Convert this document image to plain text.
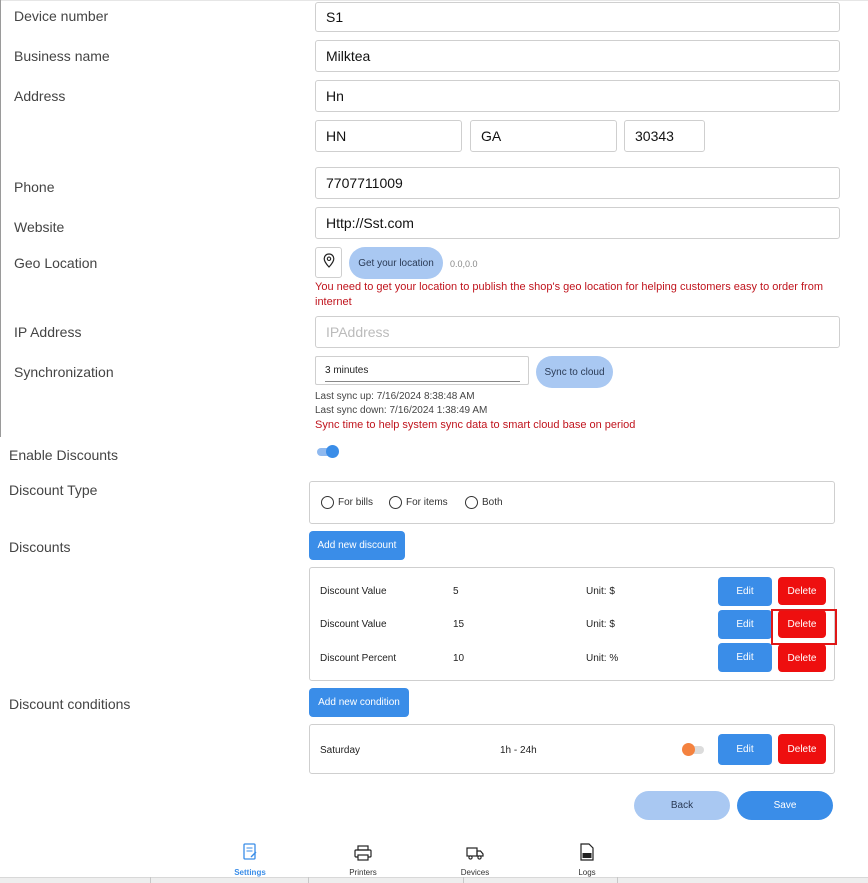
Device number	S1
Business name	Milktea
Address	Hn
HN	GA	30343
Phone	7707711009
Website	Http://Sst.com
Geo Location	Get your location	0.0,0.0
You need to get your location to publish the shop's geo location for helping customers easy to order from internet
IP Address	IPAddress
Synchronization	3 minutes	Sync to cloud
Last sync up: 7/16/2024 8:38:48 AM
Last sync down: 7/16/2024 1:38:49 AM
Sync time to help system sync data to smart cloud base on period
Enable Discounts
Discount Type
For bills	For items	Both
Discounts	Add new discount
Discount Value	5	Unit: $	Edit	Delete
Discount Value	15	Unit: $	Edit	Delete
Discount Percent	10	Unit: %	Edit	Delete
Discount conditions	Add new condition
Saturday	1h - 24h	Edit	Delete
Back	Save
Settings	Printers	Devices	Logs
